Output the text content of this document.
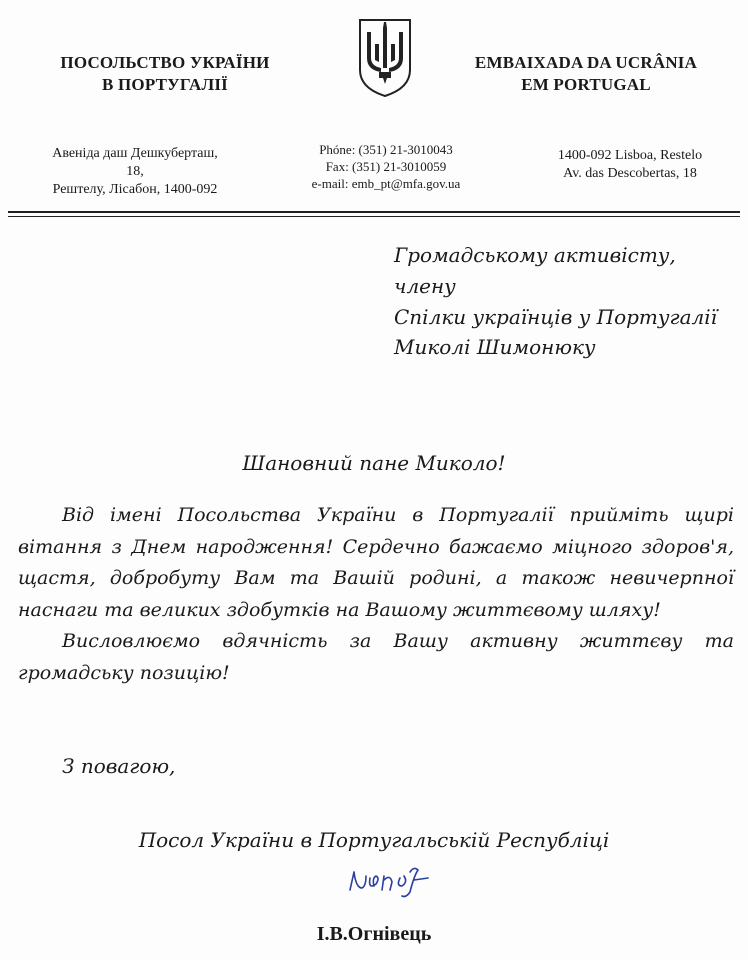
ПОСОЛЬСТВО УКРАЇНИ
В ПОРТУГАЛІЇ
EMBAIXADA DA UCRÂNIA
EM PORTUGAL
Авеніда даш Дешкуберташ,
18,
Рештелу, Лісабон, 1400-092
Phóne: (351) 21-3010043
Fax: (351) 21-3010059
e-mail: emb_pt@mfa.gov.ua
1400-092 Lisboa, Restelo
Av. das Descobertas, 18
Громадському активісту, члену
Спілки українців у Португалії
Миколі Шимонюку
Шановний пане Миколо!

Від імені Посольства України в Португалії прийміть щирі вітання з Днем народження! Сердечно бажаємо міцного здоров'я, щастя, добробуту Вам та Вашій родині, а також невичерпної наснаги та великих здобутків на Вашому життєвому шляху!

Висловлюємо вдячність за Вашу активну життєву та громадську позицію!

З повагою,
Посол України в Португальській Республіці
І.В.Огнівець
